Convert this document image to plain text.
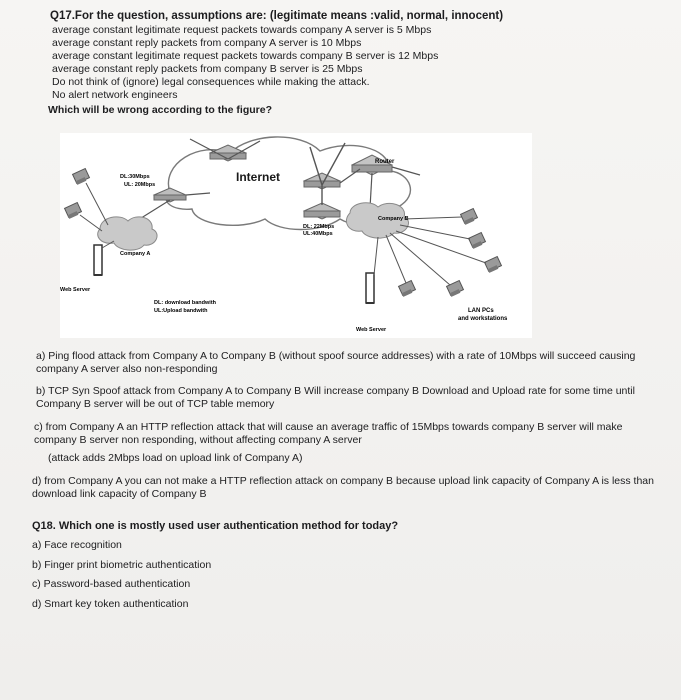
Q17.For the question, assumptions are: (legitimate means :valid, normal, innocent)
average constant legitimate request packets towards company A server is 5 Mbps
average constant reply packets from company A server is 10 Mbps
average constant legitimate request packets towards company B server is 12 Mbps
average constant reply packets from company B server is 25 Mbps
Do not think of (ignore) legal consequences while making the attack.
No alert network engineers
Which will be wrong according to the figure?
Internet
DL:30Mbps
UL: 20Mbps
DL: 22Mbps
UL:40Mbps
Router
Company A
Web Server
Company B
Web Server
LAN PCs
and workstations
DL: download bandwith
UL:Upload bandwith
a) Ping flood attack from Company A to Company B (without spoof source addresses) with a rate of 10Mbps will succeed causing
company A server also non-responding
b) TCP Syn Spoof attack from Company A to Company B Will increase company B Download and Upload rate for some time until
Company B server will be out of TCP table memory
c) from Company A an HTTP reflection attack that will cause an average traffic of 15Mbps towards company B server will make
company B server non responding, without affecting company A server
(attack adds 2Mbps load on upload link of Company A)
d) from Company A you can not make a HTTP reflection attack on company B because upload link capacity of Company A is less than
download link capacity of Company B
Q18. Which one is mostly used user authentication method for today?
a) Face recognition
b) Finger print biometric authentication
c) Password-based authentication
d) Smart key token authentication
